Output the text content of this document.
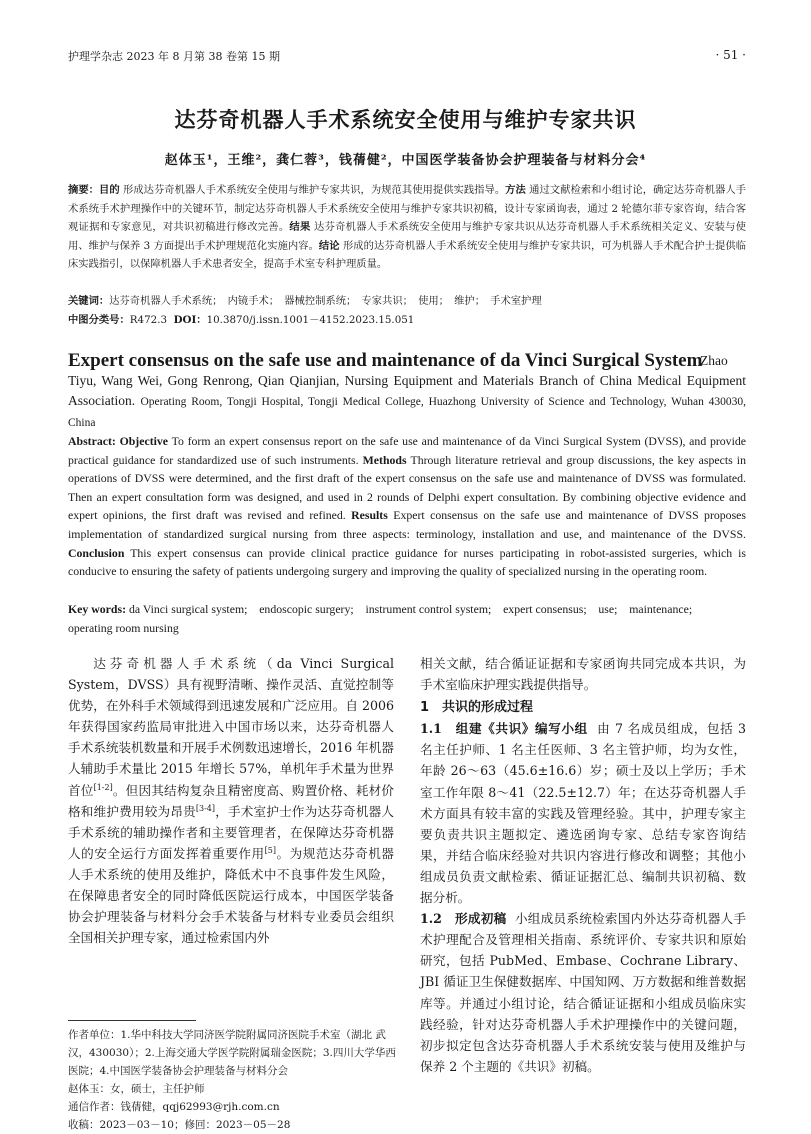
护理学杂志 2023 年 8 月第 38 卷第 15 期	· 51 ·
达芬奇机器人手术系统安全使用与维护专家共识
赵体玉¹，王维²，龚仁蓉³，钱蒨健²，中国医学装备协会护理装备与材料分会⁴
摘要：目的 形成达芬奇机器人手术系统安全使用与维护专家共识，为规范其使用提供实践指导。方法 通过文献检索和小组讨论，确定达芬奇机器人手术系统手术护理操作中的关键环节，制定达芬奇机器人手术系统安全使用与维护专家共识初稿，设计专家函询表，通过 2 轮德尔菲专家咨询，结合客观证据和专家意见，对共识初稿进行修改完善。结果 达芬奇机器人手术系统安全使用与维护专家共识从达芬奇机器人手术系统相关定义、安装与使用、维护与保养 3 方面提出手术护理规范化实施内容。结论 形成的达芬奇机器人手术系统安全使用与维护专家共识，可为机器人手术配合护士提供临床实践指引，以保障机器人手术患者安全，提高手术室专科护理质量。
关键词：达芬奇机器人手术系统；　内镜手术；　器械控制系统；　专家共识；　使用；　维护；　手术室护理
中图分类号：R472.3 DOI：10.3870/j.issn.1001－4152.2023.15.051
Expert consensus on the safe use and maintenance of da Vinci Surgical System
Zhao
Tiyu, Wang Wei, Gong Renrong, Qian Qianjian, Nursing Equipment and Materials Branch of China Medical Equipment Association. Operating Room, Tongji Hospital, Tongji Medical College, Huazhong University of Science and Technology, Wuhan 430030, China
Abstract: Objective To form an expert consensus report on the safe use and maintenance of da Vinci Surgical System (DVSS), and provide practical guidance for standardized use of such instruments. Methods Through literature retrieval and group discussions, the key aspects in operations of DVSS were determined, and the first draft of the expert consensus on the safe use and maintenance of DVSS was formulated. Then an expert consultation form was designed, and used in 2 rounds of Delphi expert consultation. By combining objective evidence and expert opinions, the first draft was revised and refined. Results Expert consensus on the safe use and maintenance of DVSS proposes implementation of standardized surgical nursing from three aspects: terminology, installation and use, and maintenance of the DVSS. Conclusion This expert consensus can provide clinical practice guidance for nurses participating in robot-assisted surgeries, which is conducive to ensuring the safety of patients undergoing surgery and improving the quality of specialized nursing in the operating room.
Key words: da Vinci surgical system;　endoscopic surgery;　instrument control system;　expert consensus;　use;　maintenance;　operating room nursing

达芬奇机器人手术系统（da Vinci Surgical System，DVSS）具有视野清晰、操作灵活、直觉控制等优势，在外科手术领域得到迅速发展和广泛应用。自 2006 年获得国家药监局审批进入中国市场以来，达芬奇机器人手术系统装机数量和开展手术例数迅速增长，2016 年机器人辅助手术量比 2015 年增长 57%，单机年手术量为世界首位[1-2]。但因其结构复杂且精密度高、购置价格、耗材价格和维护费用较为昂贵[3-4]，手术室护士作为达芬奇机器人手术系统的辅助操作者和主要管理者，在保障达芬奇机器人的安全运行方面发挥着重要作用[5]。为规范达芬奇机器人手术系统的使用及维护，降低术中不良事件发生风险，在保障患者安全的同时降低医院运行成本，中国医学装备协会护理装备与材料分会手术装备与材料专业委员会组织全国相关护理专家，通过检索国内外

作者单位：1.华中科技大学同济医学院附属同济医院手术室（湖北 武汉，430030）；2.上海交通大学医学院附属瑞金医院；3.四川大学华西医院；4.中国医学装备协会护理装备与材料分会
赵体玉：女，硕士，主任护师
通信作者：钱蒨健，qqj62993@rjh.com.cn
收稿：2023－03－10；修回：2023－05－28
相关文献，结合循证证据和专家函询共同完成本共识，为手术室临床护理实践提供指导。
1　共识的形成过程

1.1　组建《共识》编写小组 由 7 名成员组成，包括 3 名主任护师、1 名主任医师、3 名主管护师，均为女性，年龄 26～63（45.6±16.6）岁；硕士及以上学历；手术室工作年限 8～41（22.5±12.7）年；在达芬奇机器人手术方面具有较丰富的实践及管理经验。其中，护理专家主要负责共识主题拟定、遴选函询专家、总结专家咨询结果，并结合临床经验对共识内容进行修改和调整；其他小组成员负责文献检索、循证证据汇总、编制共识初稿、数据分析。

1.2　形成初稿 小组成员系统检索国内外达芬奇机器人手术护理配合及管理相关指南、系统评价、专家共识和原始研究，包括 PubMed、Embase、Cochrane Library、JBI 循证卫生保健数据库、中国知网、万方数据和维普数据库等。并通过小组讨论，结合循证证据和小组成员临床实践经验，针对达芬奇机器人手术护理操作中的关键问题，初步拟定包含达芬奇机器人手术系统安装与使用及维护与保养 2 个主题的《共识》初稿。
